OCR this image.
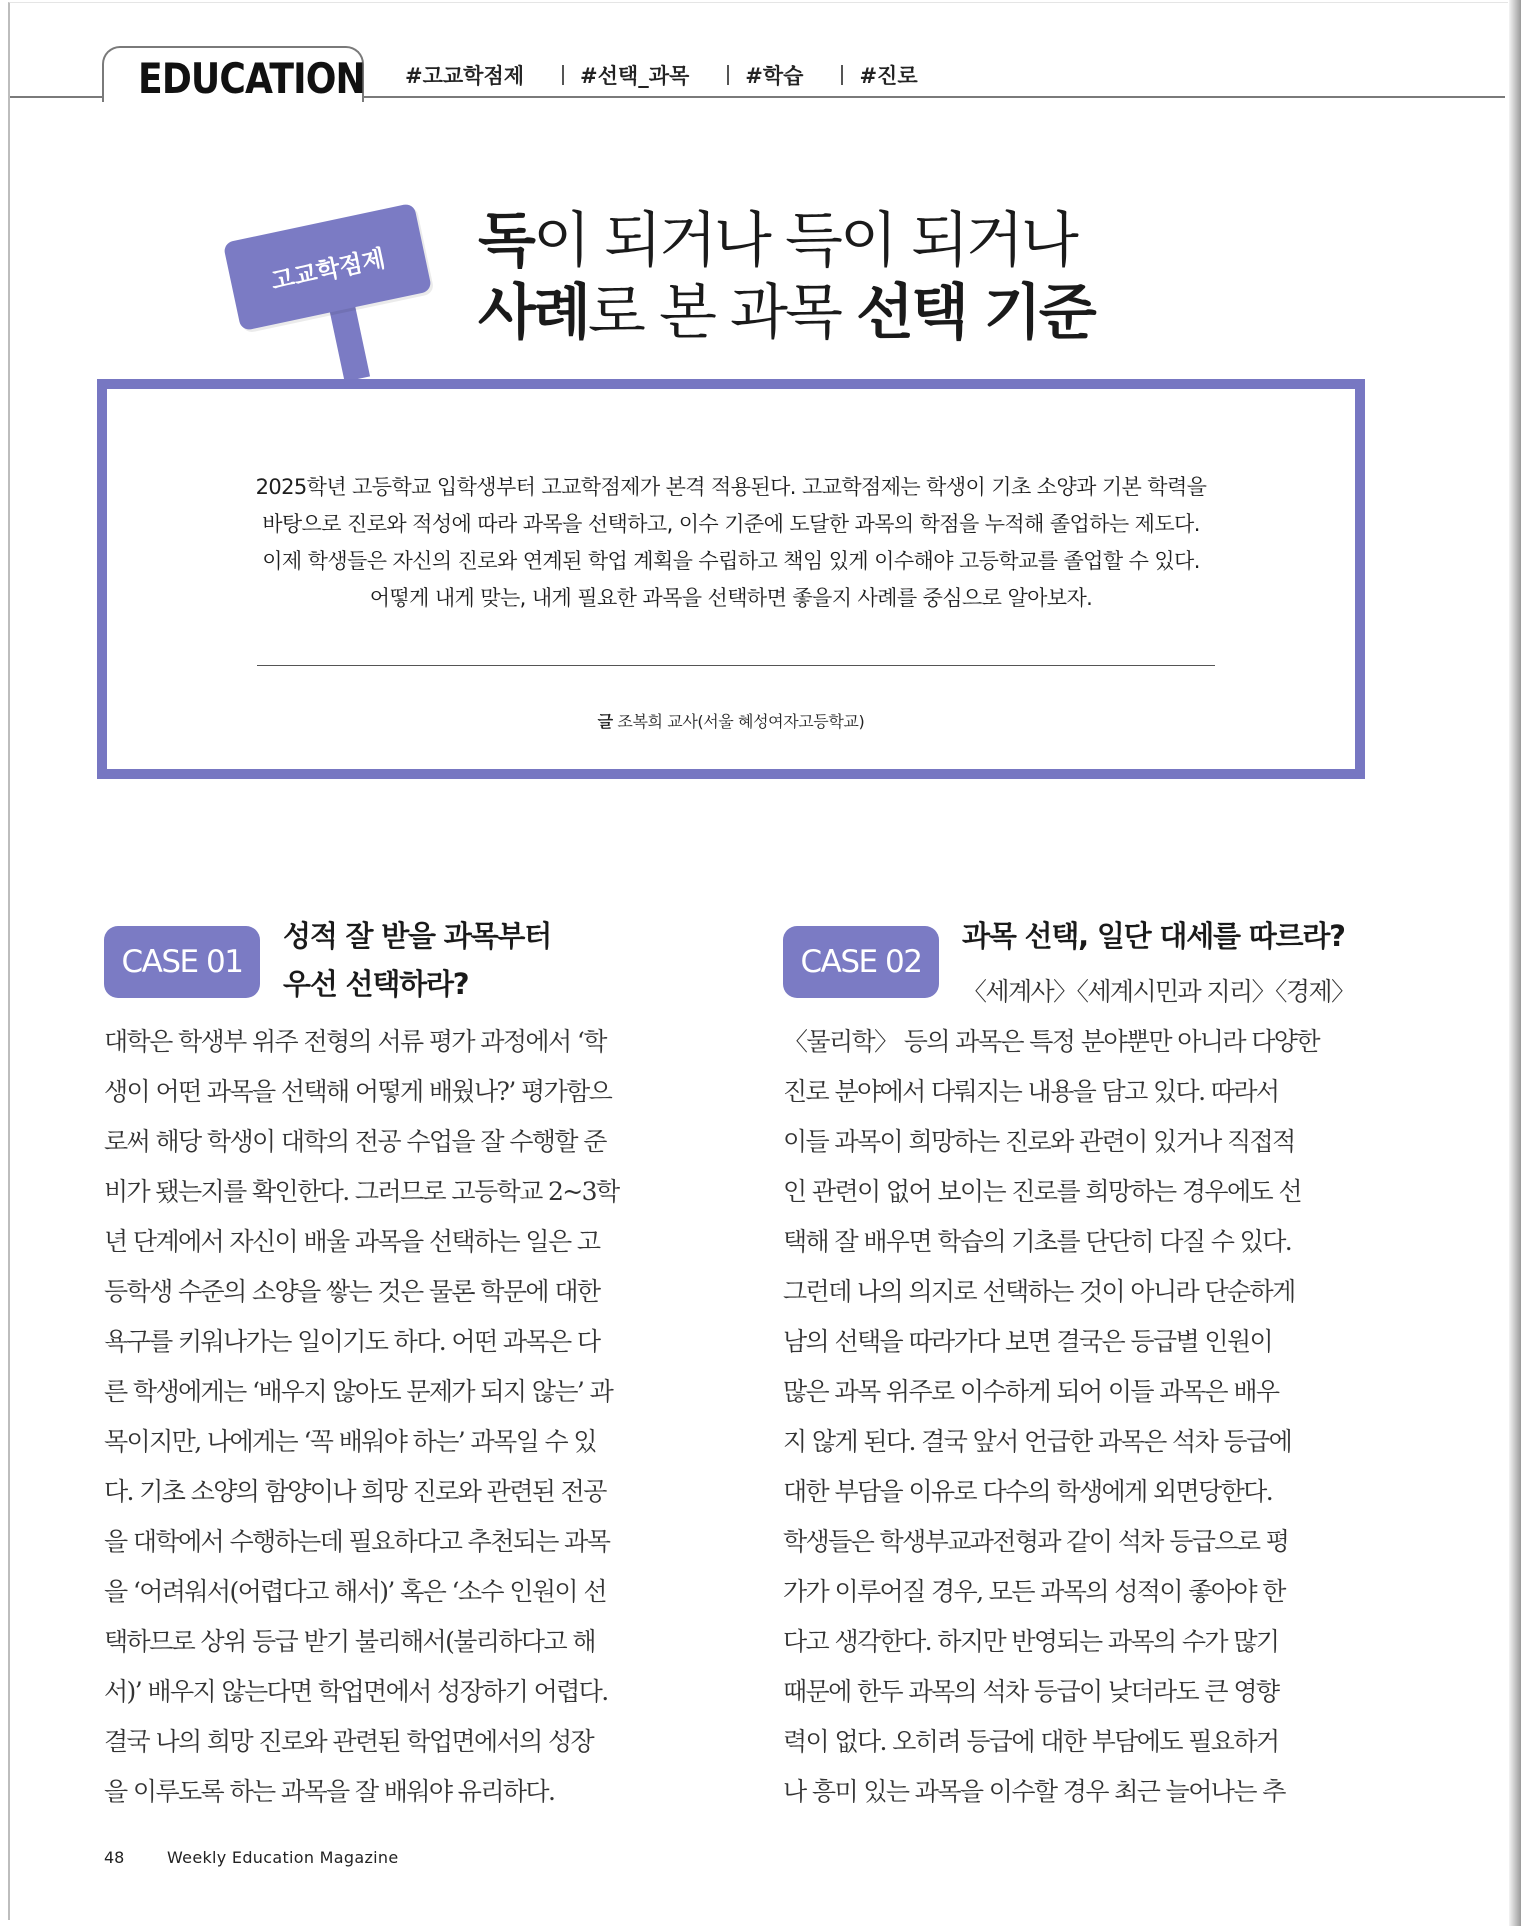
EDUCATION #고교학점제	#선택_과목	#학습	#진로
고교학점제 독이 되거나 득이 되거나
사례로 본 과목 선택 기준
2025학년 고등학교 입학생부터 고교학점제가 본격 적용된다. 고교학점제는 학생이 기초 소양과 기본 학력을
바탕으로 진로와 적성에 따라 과목을 선택하고, 이수 기준에 도달한 과목의 학점을 누적해 졸업하는 제도다.
이제 학생들은 자신의 진로와 연계된 학업 계획을 수립하고 책임 있게 이수해야 고등학교를 졸업할 수 있다.
어떻게 내게 맞는, 내게 필요한 과목을 선택하면 좋을지 사례를 중심으로 알아보자.
글 조복희 교사(서울 혜성여자고등학교)
CASE 01
성적 잘 받을 과목부터
우선 선택하라?
대학은 학생부 위주 전형의 서류 평가 과정에서 ‘학
생이 어떤 과목을 선택해 어떻게 배웠나?’ 평가함으
로써 해당 학생이 대학의 전공 수업을 잘 수행할 준
비가 됐는지를 확인한다. 그러므로 고등학교 2~3학
년 단계에서 자신이 배울 과목을 선택하는 일은 고
등학생 수준의 소양을 쌓는 것은 물론 학문에 대한
욕구를 키워나가는 일이기도 하다. 어떤 과목은 다
른 학생에게는 ‘배우지 않아도 문제가 되지 않는’ 과
목이지만, 나에게는 ‘꼭 배워야 하는’ 과목일 수 있
다. 기초 소양의 함양이나 희망 진로와 관련된 전공
을 대학에서 수행하는데 필요하다고 추천되는 과목
을 ‘어려워서(어렵다고 해서)’ 혹은 ‘소수 인원이 선
택하므로 상위 등급 받기 불리해서(불리하다고 해
서)’ 배우지 않는다면 학업면에서 성장하기 어렵다.
결국 나의 희망 진로와 관련된 학업면에서의 성장
을 이루도록 하는 과목을 잘 배워야 유리하다.
CASE 02
과목 선택, 일단 대세를 따르라?
〈세계사〉〈세계시민과 지리〉〈경제〉
〈물리학〉 등의 과목은 특정 분야뿐만 아니라 다양한
진로 분야에서 다뤄지는 내용을 담고 있다. 따라서
이들 과목이 희망하는 진로와 관련이 있거나 직접적
인 관련이 없어 보이는 진로를 희망하는 경우에도 선
택해 잘 배우면 학습의 기초를 단단히 다질 수 있다.
그런데 나의 의지로 선택하는 것이 아니라 단순하게
남의 선택을 따라가다 보면 결국은 등급별 인원이
많은 과목 위주로 이수하게 되어 이들 과목은 배우
지 않게 된다. 결국 앞서 언급한 과목은 석차 등급에
대한 부담을 이유로 다수의 학생에게 외면당한다.
학생들은 학생부교과전형과 같이 석차 등급으로 평
가가 이루어질 경우, 모든 과목의 성적이 좋아야 한
다고 생각한다. 하지만 반영되는 과목의 수가 많기
때문에 한두 과목의 석차 등급이 낮더라도 큰 영향
력이 없다. 오히려 등급에 대한 부담에도 필요하거
나 흥미 있는 과목을 이수할 경우 최근 늘어나는 추
48	Weekly Education Magazine
